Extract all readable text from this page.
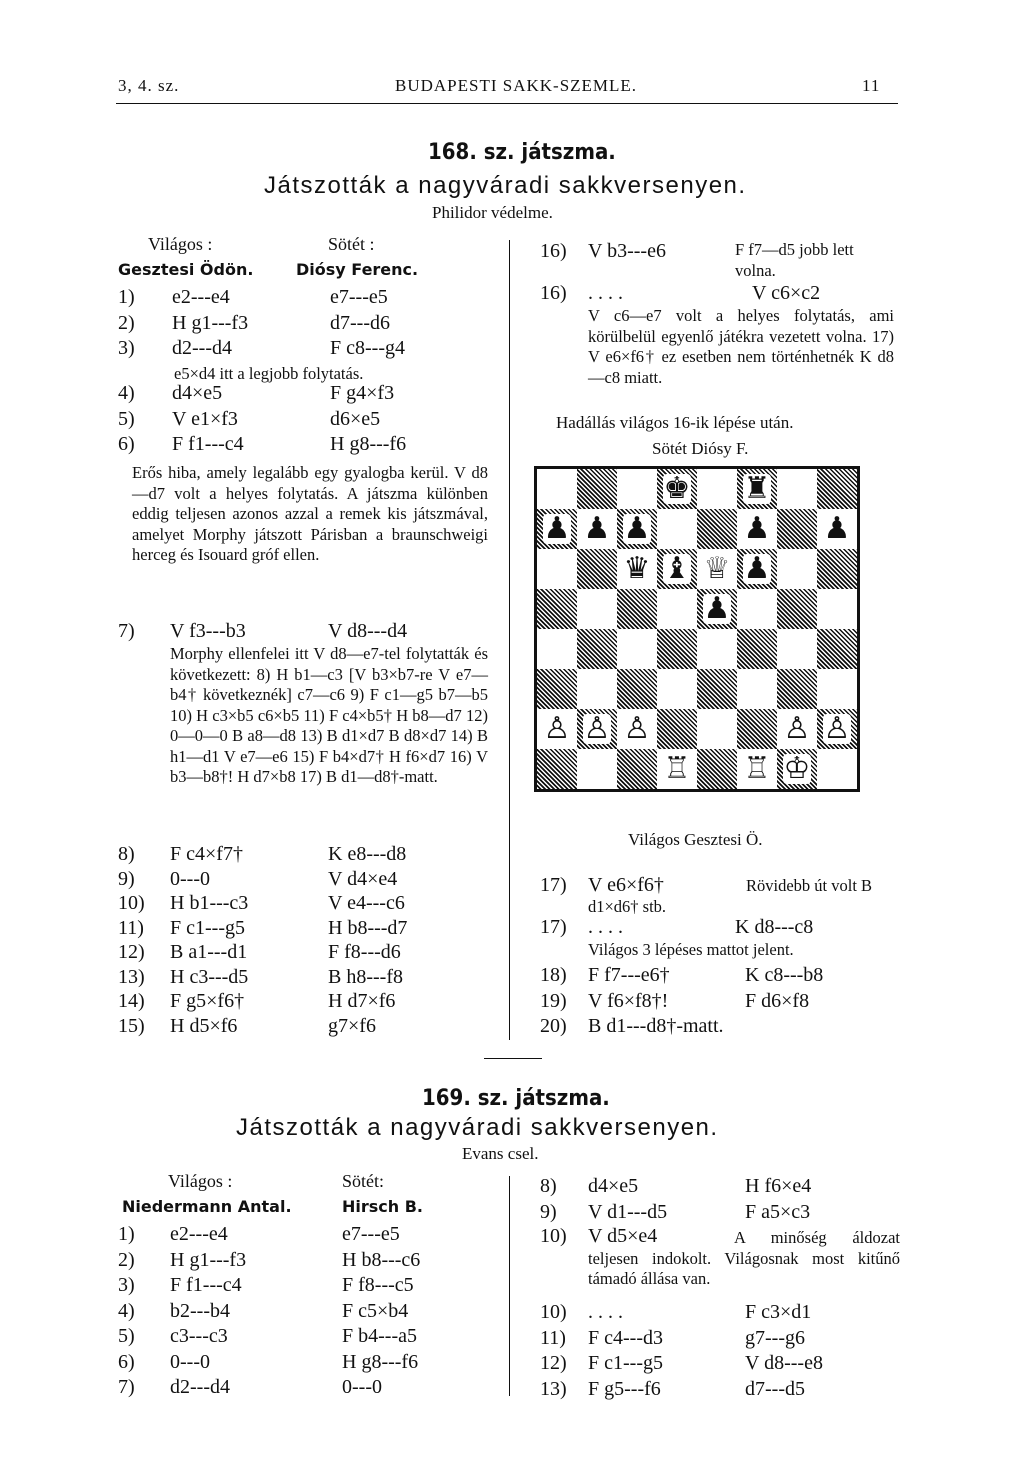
3, 4. sz.	BUDAPESTI SAKK-SZEMLE.	11
168. sz. játszma.
Játszották a nagyváradi sakkversenyen.
Philidor védelme.
Világos :	Sötét :
Gesztesi Ödön.	Diósy Ferenc.
1) e2---e4	e7---e5
2) H g1---f3	d7---d6
3) d2---d4	F c8---g4
e5×d4 itt a legjobb folytatás.
4) d4×e5	F g4×f3
5) V e1×f3	d6×e5
6) F f1---c4	H g8---f6
Erős hiba, amely legalább egy gyalogba kerül. V d8—d7 volt a helyes folytatás. A játszma különben eddig teljesen azonos azzal a remek kis játszmával, amelyet Morphy játszott Párisban a braunschweigi herceg és Isouard gróf ellen.
7) V f3---b3	V d8---d4
Morphy ellenfelei itt V d8—e7-tel folytatták és következett: 8) H b1—c3 [V b3×b7-re V e7—b4† következnék] c7—c6 9) F c1—g5 b7—b5 10) H c3×b5 c6×b5 11) F c4×b5† H b8—d7 12) 0—0—0 B a8—d8 13) B d1×d7 B d8×d7 14) B h1—d1 V e7—e6 15) F b4×d7† H f6×d7 16) V b3—b8†! H d7×b8 17) B d1—d8†-matt.
8) F c4×f7†	K e8---d8
9) 0---0	V d4×e4
10) H b1---c3	V e4---c6
11) F c1---g5	H b8---d7
12) B a1---d1	F f8---d6
13) H c3---d5	B h8---f8
14) F g5×f6†	H d7×f6
15) H d5×f6	g7×f6
16) V b3---e6	F f7—d5 jobb lett volna.
16) . . . .	V c6×c2
V c6—e7 volt a helyes folytatás, ami körülbelül egyenlő játékra vezetett volna. 17) V e6×f6† ez esetben nem történhetnék K d8—c8 miatt.
Hadállás világos 16-ik lépése után.
Sötét Diósy F.
♚ ♜
♟ ♟ ♟	♟ ♟
♛ ♝ ♕ ♟
♟
♙ ♙ ♙	♙ ♙
♖ ♖ ♔
Világos Gesztesi Ö.
17) V e6×f6†	Rövidebb út volt B d1×d6† stb.
17) . . . .	K d8---c8
Világos 3 lépéses mattot jelent.
18) F f7---e6†	K c8---b8
19) V f6×f8†!	F d6×f8
20) B d1---d8†-matt.
169. sz. játszma.
Játszották a nagyváradi sakkversenyen.
Evans csel.
Világos :	Sötét:
Niedermann Antal.	Hirsch B.
1) e2---e4	e7---e5
2) H g1---f3	H b8---c6
3) F f1---c4	F f8---c5
4) b2---b4	F c5×b4
5) c3---c3	F b4---a5
6) 0---0	H g8---f6
7) d2---d4	0---0
8) d4×e5	H f6×e4
9) V d1---d5	F a5×c3
10) V d5×e4	A minőség áldozat teljesen indokolt. Világosnak most kitűnő támadó állása van.
10) . . . .	F c3×d1
11) F c4---d3	g7---g6
12) F c1---g5	V d8---e8
13) F g5---f6	d7---d5
